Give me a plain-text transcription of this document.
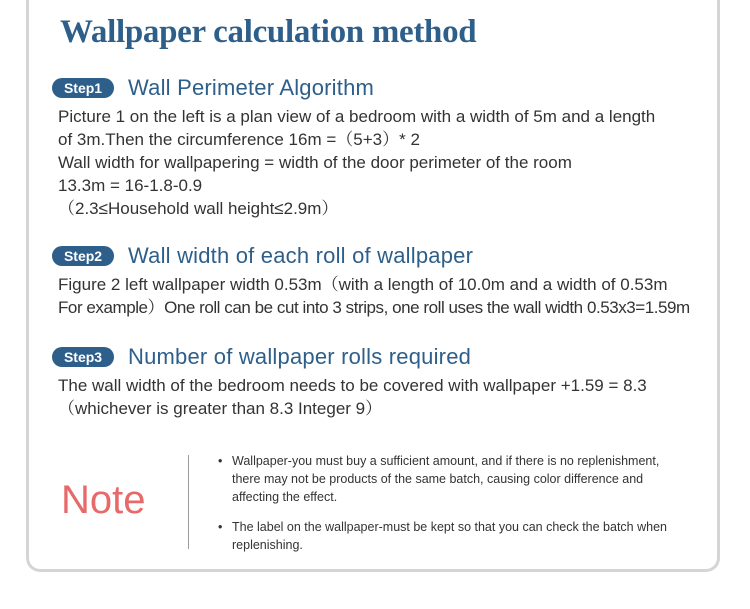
Wallpaper calculation method
Step1	Wall Perimeter Algorithm
Picture 1 on the left is a plan view of a bedroom with a width of 5m and a length
of 3m.Then the circumference 16m =（5+3）* 2
Wall width for wallpapering = width of the door perimeter of the room
13.3m = 16-1.8-0.9
（2.3≤Household wall height≤2.9m）
Step2	Wall width of each roll of wallpaper
Figure 2 left wallpaper width 0.53m（with a length of 10.0m and a width of 0.53m
For example）One roll can be cut into 3 strips, one roll uses the wall width 0.53x3=1.59m
Step3	Number of wallpaper rolls required
The wall width of the bedroom needs to be covered with wallpaper +1.59 = 8.3
（whichever is greater than 8.3 Integer 9）
Note
• Wallpaper-you must buy a sufficient amount, and if there is no replenishment, there may not be products of the same batch, causing color difference and affecting the effect.
• The label on the wallpaper-must be kept so that you can check the batch when replenishing.
